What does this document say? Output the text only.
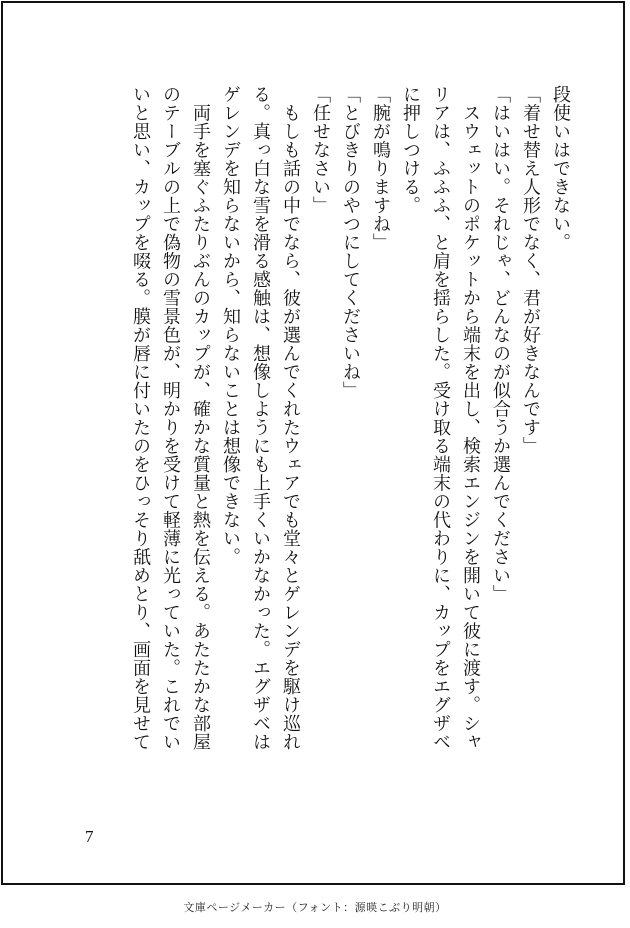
段使いはできない。
「着せ替え人形でなく、君が好きなんです」
「はいはい。それじゃ、どんなのが似合うか選んでください」
　スウェットのポケットから端末を出し、検索エンジンを開いて彼に渡す。シャ
リアは、ふふふ、と肩を揺らした。受け取る端末の代わりに、カップをエグザベ
に押しつける。
「腕が鳴りますね」
「とびきりのやつにしてくださいね」
「任せなさい」
　もしも話の中でなら、彼が選んでくれたウェアでも堂々とゲレンデを駆け巡れ
る。真っ白な雪を滑る感触は、想像しようにも上手くいかなかった。エグザベは
ゲレンデを知らないから、知らないことは想像できない。
　両手を塞ぐふたりぶんのカップが、確かな質量と熱を伝える。あたたかな部屋
のテーブルの上で偽物の雪景色が、明かりを受けて軽薄に光っていた。これでい
いと思い、カップを啜る。膜が唇に付いたのをひっそり舐めとり、画面を見せて
7
文庫ページメーカー（フォント：源暎こぶり明朝）
